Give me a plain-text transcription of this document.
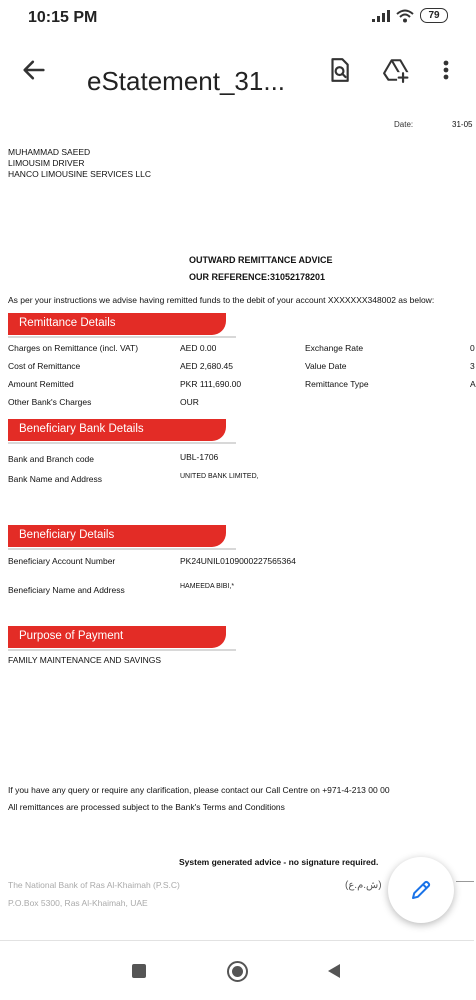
10:15 PM	79
eStatement_31...
Date:	31-05
MUHAMMAD SAEED
LIMOUSIM DRIVER
HANCO LIMOUSINE SERVICES LLC
OUTWARD REMITTANCE ADVICE
OUR REFERENCE:31052178201
As per your instructions we advise having remitted funds to the debit of your account XXXXXXX348002 as below:
Remittance Details
Charges on Remittance (incl. VAT)	AED 0.00	Exchange Rate	0
Cost of Remittance	AED 2,680.45	Value Date	3
Amount Remitted	PKR 111,690.00	Remittance Type	A
Other Bank's Charges	OUR
Beneficiary Bank Details
Bank and Branch code	UBL-1706
Bank Name and Address	UNITED BANK LIMITED,
Beneficiary Details
Beneficiary Account Number	PK24UNIL0109000227565364
Beneficiary Name and Address	HAMEEDA BIBI,*
Purpose of Payment
FAMILY MAINTENANCE AND SAVINGS
If you have any query or require any clarification, please contact our Call Centre on +971-4-213 00 00
All remittances are processed subject to the Bank's Terms and Conditions
System generated advice - no signature required.
The National Bank of Ras Al-Khaimah (P.S.C)
P.O.Box 5300, Ras Al-Khaimah, UAE
(ش.م.ع)
